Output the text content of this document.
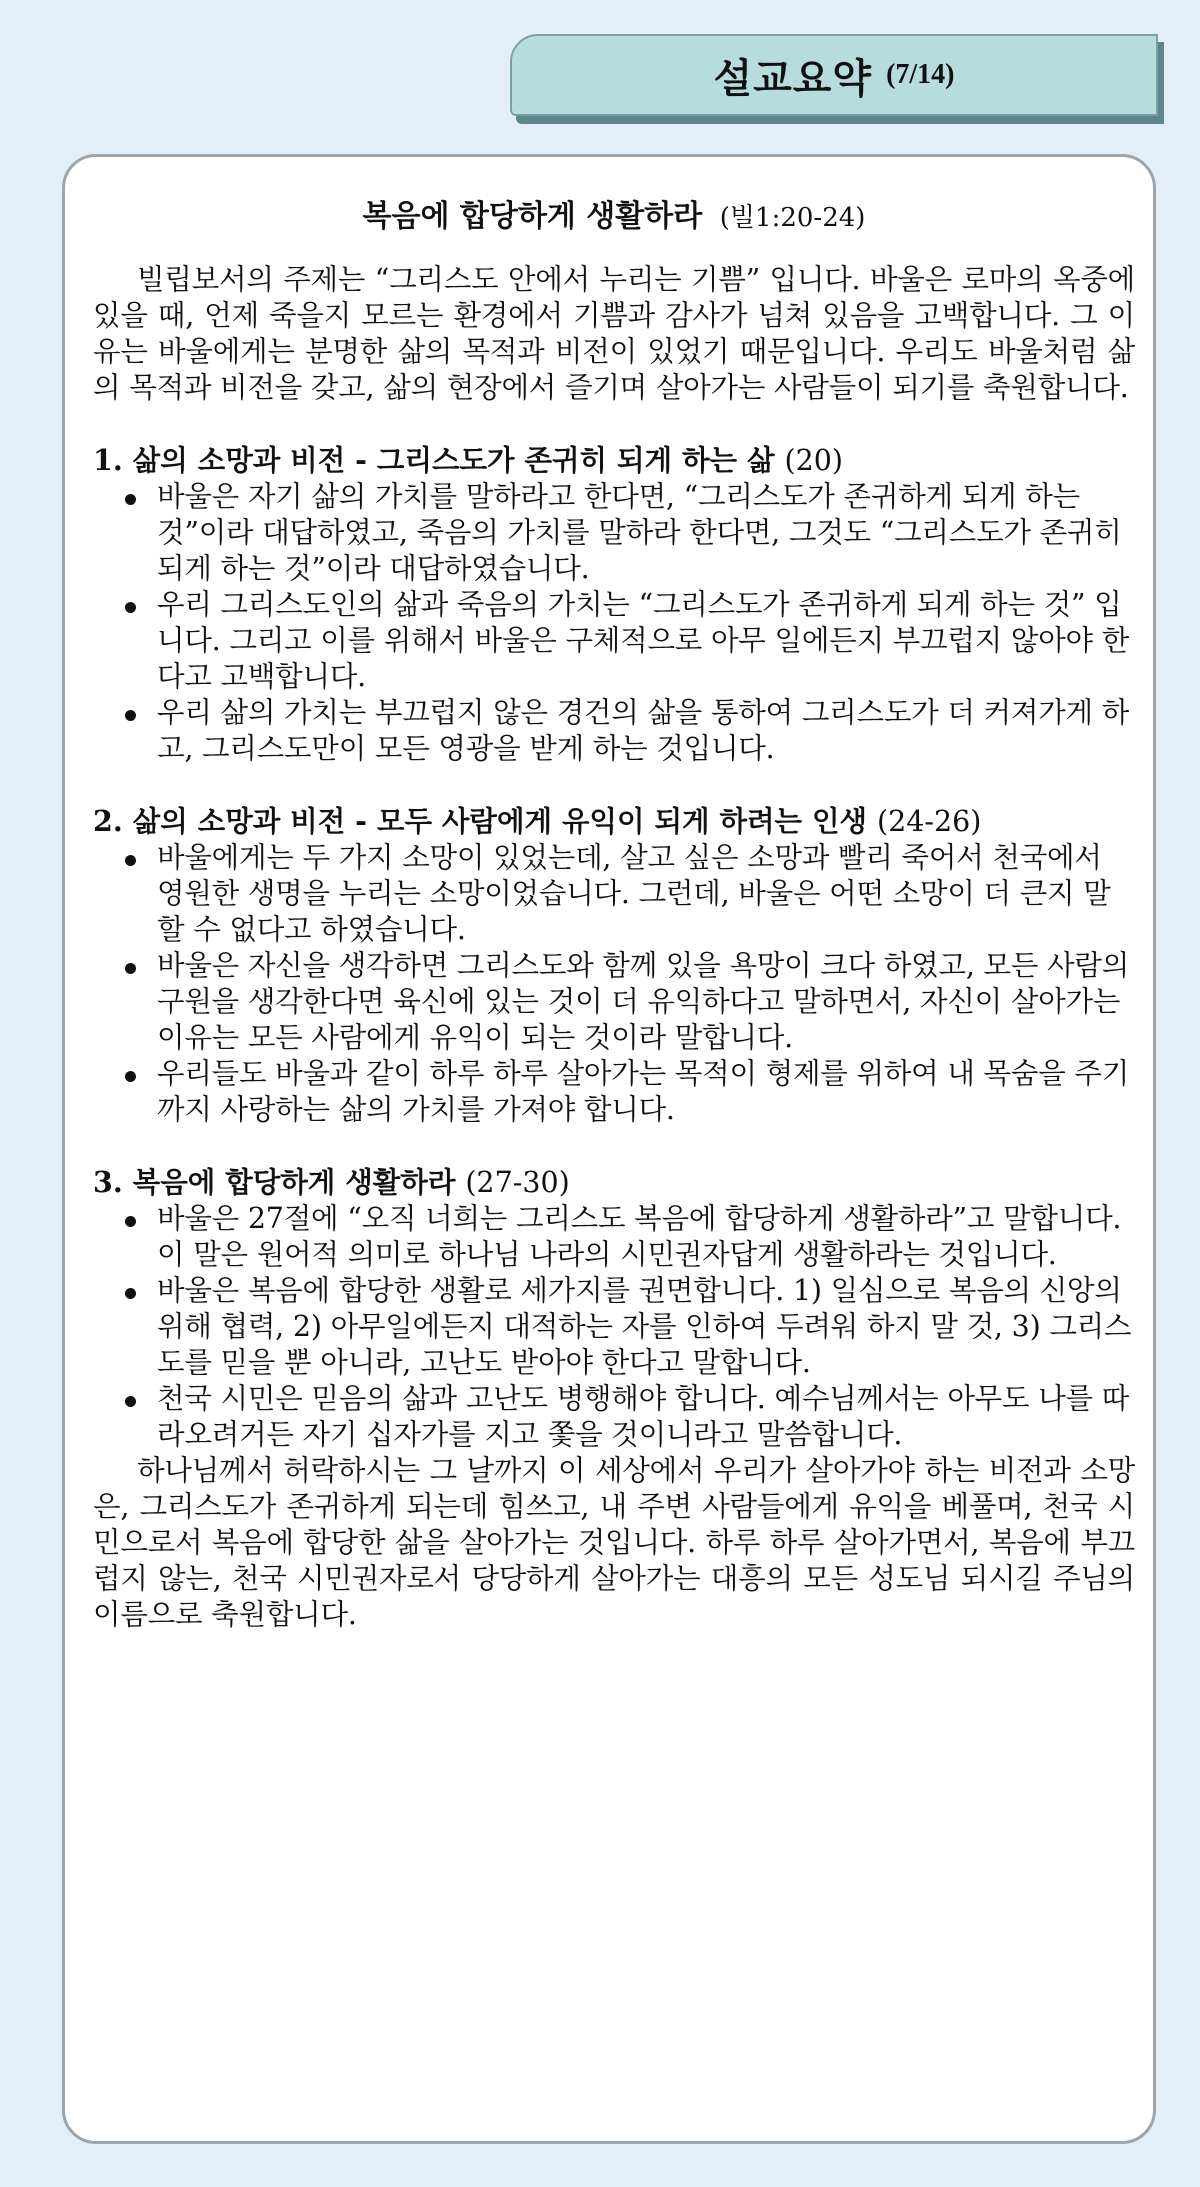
설교요약 (7/14)
복음에 합당하게 생활하라 (빌1:20-24)

빌립보서의 주제는 “그리스도 안에서 누리는 기쁨” 입니다. 바울은 로마의 옥중에 있을 때, 언제 죽을지 모르는 환경에서 기쁨과 감사가 넘쳐 있음을 고백합니다. 그 이유는 바울에게는 분명한 삶의 목적과 비전이 있었기 때문입니다. 우리도 바울처럼 삶의 목적과 비전을 갖고, 삶의 현장에서 즐기며 살아가는 사람들이 되기를 축원합니다.

1. 삶의 소망과 비전 - 그리스도가 존귀히 되게 하는 삶 (20)

바울은 자기 삶의 가치를 말하라고 한다면, “그리스도가 존귀하게 되게 하는 것”이라 대답하였고, 죽음의 가치를 말하라 한다면, 그것도 “그리스도가 존귀히 되게 하는 것”이라 대답하였습니다.
우리 그리스도인의 삶과 죽음의 가치는 “그리스도가 존귀하게 되게 하는 것” 입니다. 그리고 이를 위해서 바울은 구체적으로 아무 일에든지 부끄럽지 않아야 한다고 고백합니다.
우리 삶의 가치는 부끄럽지 않은 경건의 삶을 통하여 그리스도가 더 커져가게 하고, 그리스도만이 모든 영광을 받게 하는 것입니다.

2. 삶의 소망과 비전 - 모두 사람에게 유익이 되게 하려는 인생 (24-26)

바울에게는 두 가지 소망이 있었는데, 살고 싶은 소망과 빨리 죽어서 천국에서 영원한 생명을 누리는 소망이었습니다. 그런데, 바울은 어떤 소망이 더 큰지 말할 수 없다고 하였습니다.
바울은 자신을 생각하면 그리스도와 함께 있을 욕망이 크다 하였고, 모든 사람의 구원을 생각한다면 육신에 있는 것이 더 유익하다고 말하면서, 자신이 살아가는 이유는 모든 사람에게 유익이 되는 것이라 말합니다.
우리들도 바울과 같이 하루 하루 살아가는 목적이 형제를 위하여 내 목숨을 주기까지 사랑하는 삶의 가치를 가져야 합니다.

3. 복음에 합당하게 생활하라 (27-30)

바울은 27절에 “오직 너희는 그리스도 복음에 합당하게 생활하라”고 말합니다. 이 말은 원어적 의미로 하나님 나라의 시민권자답게 생활하라는 것입니다.
바울은 복음에 합당한 생활로 세가지를 권면합니다. 1) 일심으로 복음의 신앙의 위해 협력, 2) 아무일에든지 대적하는 자를 인하여 두려워 하지 말 것, 3) 그리스도를 믿을 뿐 아니라, 고난도 받아야 한다고 말합니다.
천국 시민은 믿음의 삶과 고난도 병행해야 합니다. 예수님께서는 아무도 나를 따라오려거든 자기 십자가를 지고 쫓을 것이니라고 말씀합니다.

하나님께서 허락하시는 그 날까지 이 세상에서 우리가 살아가야 하는 비전과 소망은, 그리스도가 존귀하게 되는데 힘쓰고, 내 주변 사람들에게 유익을 베풀며, 천국 시민으로서 복음에 합당한 삶을 살아가는 것입니다. 하루 하루 살아가면서, 복음에 부끄럽지 않는, 천국 시민권자로서 당당하게 살아가는 대흥의 모든 성도님 되시길 주님의 이름으로 축원합니다.
